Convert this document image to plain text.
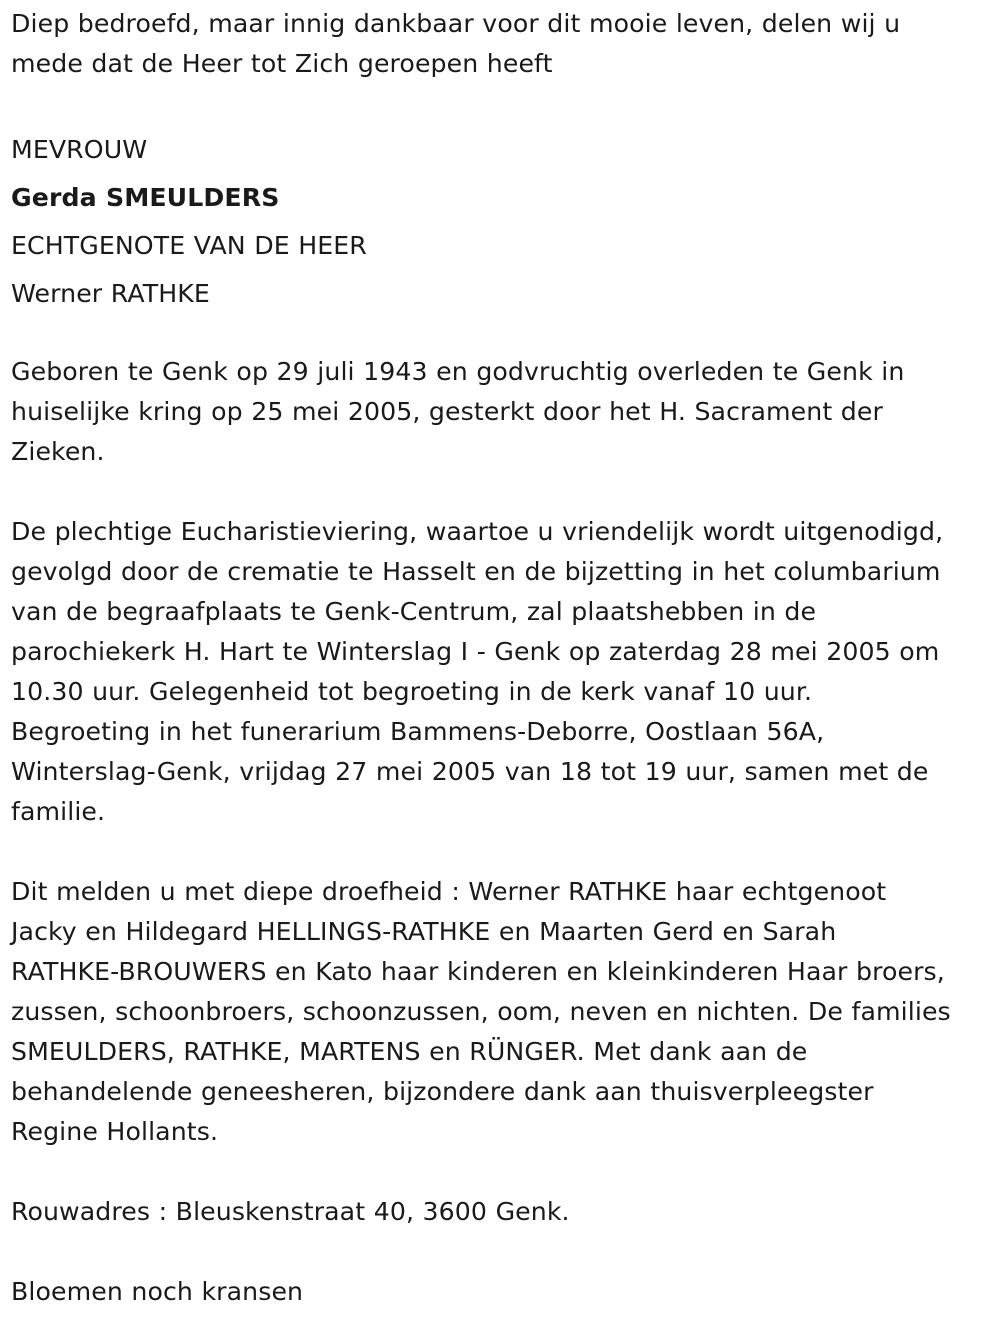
Diep bedroefd, maar innig dankbaar voor dit mooie leven, delen wij u
mede dat de Heer tot Zich geroepen heeft

MEVROUW
Gerda SMEULDERS
ECHTGENOTE VAN DE HEER
Werner RATHKE

Geboren te Genk op 29 juli 1943 en godvruchtig overleden te Genk in
huiselijke kring op 25 mei 2005, gesterkt door het H. Sacrament der
Zieken.

De plechtige Eucharistieviering, waartoe u vriendelijk wordt uitgenodigd,
gevolgd door de crematie te Hasselt en de bijzetting in het columbarium
van de begraafplaats te Genk-Centrum, zal plaatshebben in de
parochiekerk H. Hart te Winterslag I - Genk op zaterdag 28 mei 2005 om
10.30 uur. Gelegenheid tot begroeting in de kerk vanaf 10 uur.
Begroeting in het funerarium Bammens-Deborre, Oostlaan 56A,
Winterslag-Genk, vrijdag 27 mei 2005 van 18 tot 19 uur, samen met de
familie.

Dit melden u met diepe droefheid : Werner RATHKE haar echtgenoot
Jacky en Hildegard HELLINGS-RATHKE en Maarten Gerd en Sarah
RATHKE-BROUWERS en Kato haar kinderen en kleinkinderen Haar broers,
zussen, schoonbroers, schoonzussen, oom, neven en nichten. De families
SMEULDERS, RATHKE, MARTENS en RÜNGER. Met dank aan de
behandelende geneesheren, bijzondere dank aan thuisverpleegster
Regine Hollants.

Rouwadres : Bleuskenstraat 40, 3600 Genk.

Bloemen noch kransen
